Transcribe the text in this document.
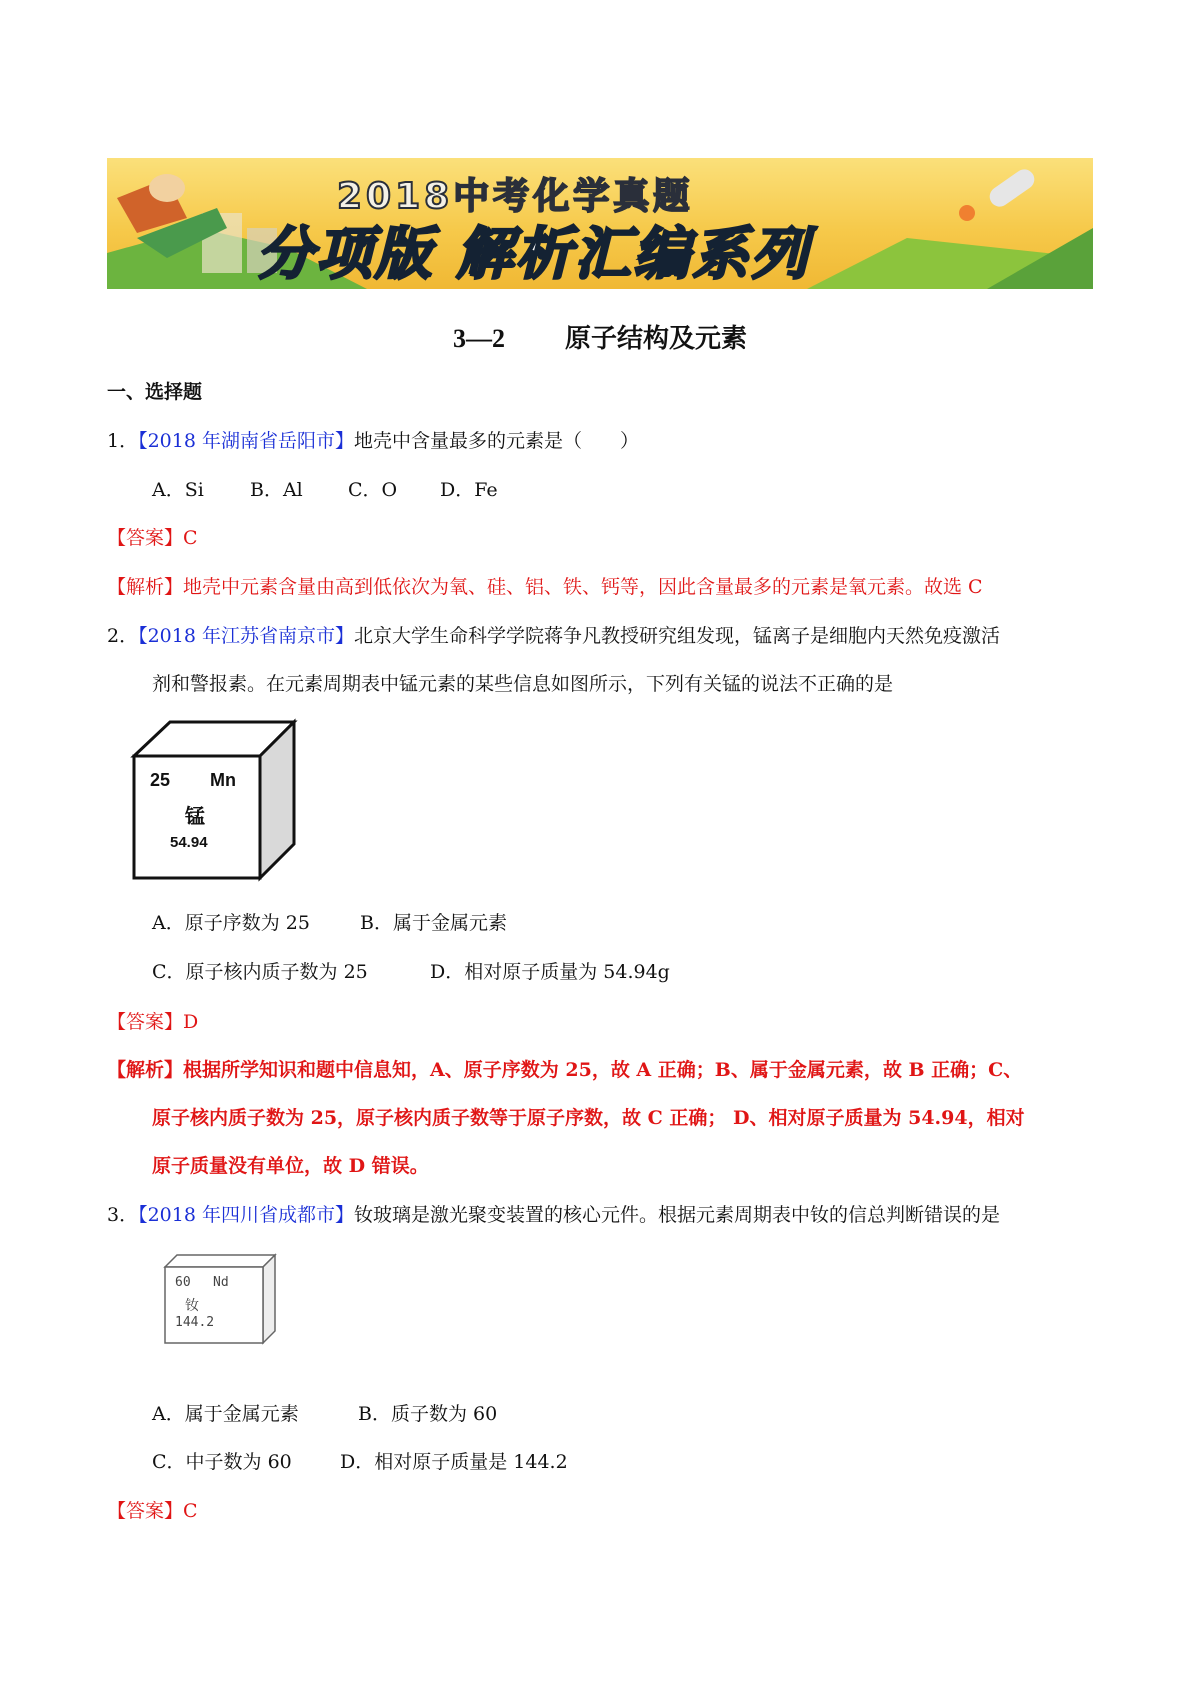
2018中考化学真题
分项版 解析汇编系列
3—2 原子结构及元素
一、选择题
1．【2018 年湖南省岳阳市】地壳中含量最多的元素是（　　）
A．Si B．Al C．O D．Fe
【答案】C
【解析】地壳中元素含量由高到低依次为氧、硅、铝、铁、钙等，因此含量最多的元素是氧元素。故选 C
2．【2018 年江苏省南京市】北京大学生命科学学院蒋争凡教授研究组发现，锰离子是细胞内天然免疫激活
剂和警报素。在元素周期表中锰元素的某些信息如图所示，下列有关锰的说法不正确的是
25 Mn
锰
54.94
A．原子序数为 25	B．属于金属元素
C．原子核内质子数为 25	D．相对原子质量为 54.94g
【答案】D
【解析】根据所学知识和题中信息知，A、原子序数为 25，故 A 正确；B、属于金属元素，故 B 正确；C、
原子核内质子数为 25，原子核内质子数等于原子序数，故 C 正确； D、相对原子质量为 54.94，相对
原子质量没有单位，故 D 错误。
3．【2018 年四川省成都市】钕玻璃是激光聚变装置的核心元件。根据元素周期表中钕的信总判断错误的是
60 Nd
钕
144.2
A．属于金属元素	B．质子数为 60
C．中子数为 60	D．相对原子质量是 144.2
【答案】C
